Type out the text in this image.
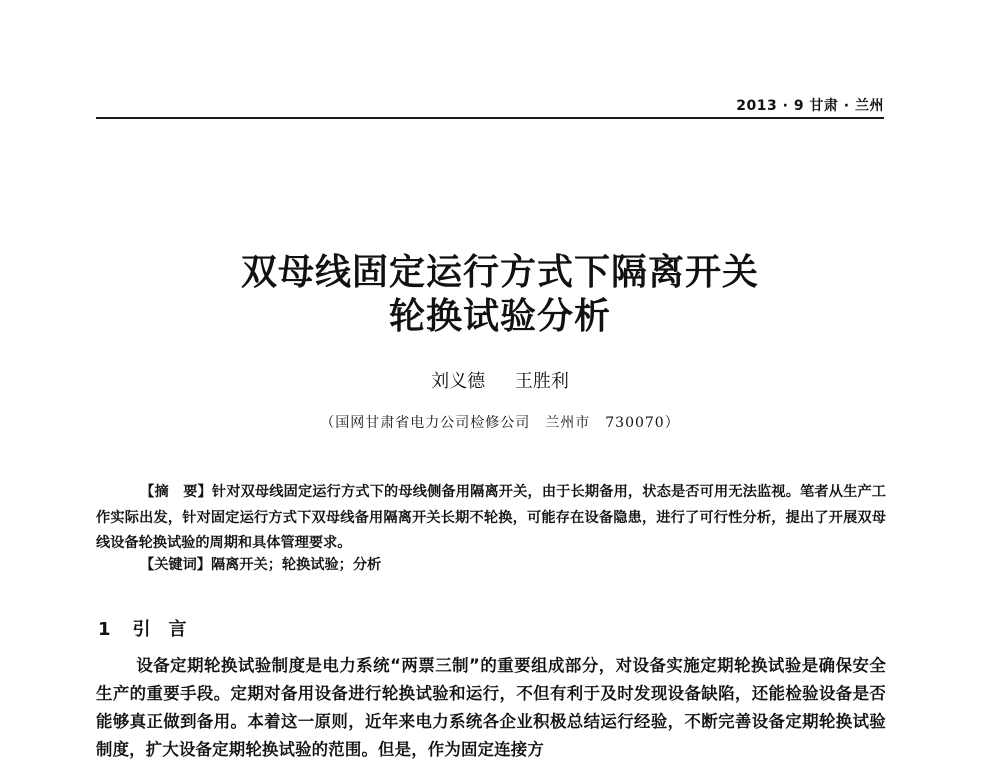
2013 · 9 甘肃 · 兰州
双母线固定运行方式下隔离开关
轮换试验分析
刘义德 王胜利
（国网甘肃省电力公司检修公司　兰州市　730070）
【摘　要】针对双母线固定运行方式下的母线侧备用隔离开关，由于长期备用，状态是否可用无法监视。笔者从生产工作实际出发，针对固定运行方式下双母线备用隔离开关长期不轮换，可能存在设备隐患，进行了可行性分析，提出了开展双母线设备轮换试验的周期和具体管理要求。
【关键词】隔离开关；轮换试验；分析
1 引言
设备定期轮换试验制度是电力系统“两票三制”的重要组成部分，对设备实施定期轮换试验是确保安全生产的重要手段。定期对备用设备进行轮换试验和运行，不但有利于及时发现设备缺陷，还能检验设备是否能够真正做到备用。本着这一原则，近年来电力系统各企业积极总结运行经验，不断完善设备定期轮换试验制度，扩大设备定期轮换试验的范围。但是，作为固定连接方
